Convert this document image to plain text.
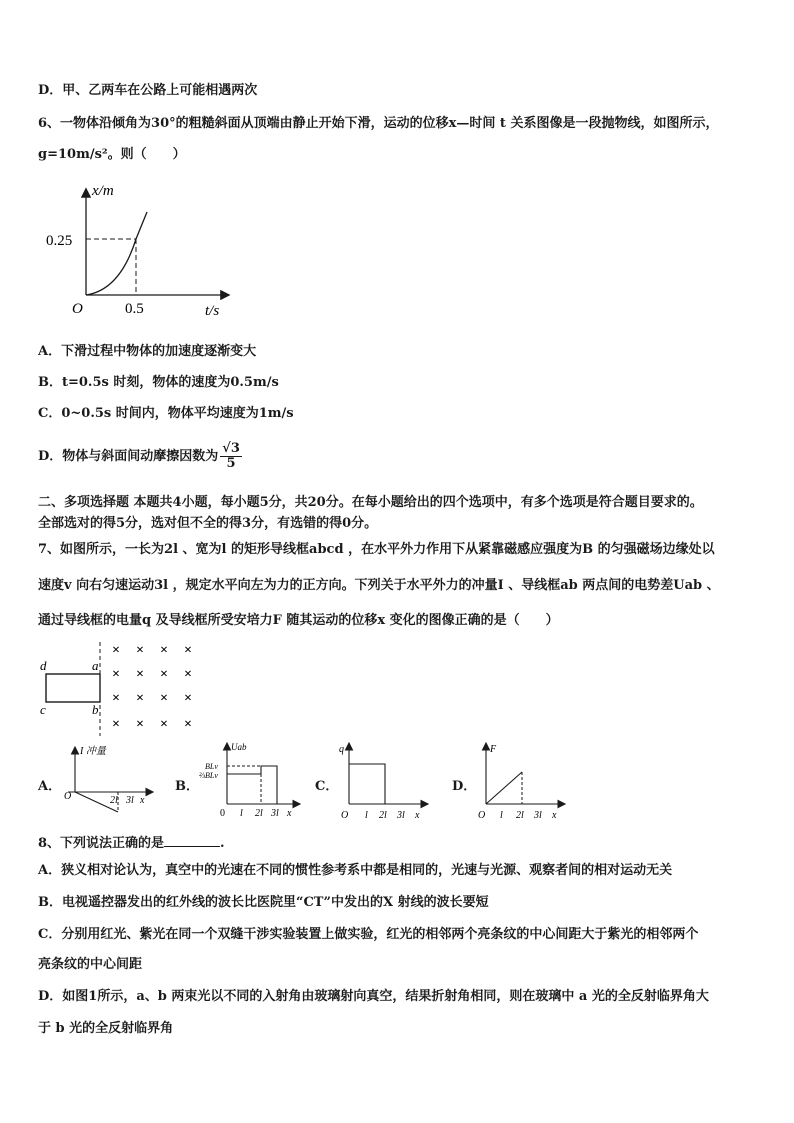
D．甲、乙两车在公路上可能相遇两次
6、一物体沿倾角为30°的粗糙斜面从顶端由静止开始下滑，运动的位移x—时间 t 关系图像是一段抛物线，如图所示，
g=10m/s²。则（　　）
x/m
0.25
O	0.5	t/s
A．下滑过程中物体的加速度逐渐变大
B．t=0.5s 时刻，物体的速度为0.5m/s
C．0~0.5s 时间内，物体平均速度为1m/s
D．物体与斜面间动摩擦因数为 $\frac{√3}{5}$
二、多项选择题 本题共4小题，每小题5分，共20分。在每小题给出的四个选项中，有多个选项是符合题目要求的。
全部选对的得5分，选对但不全的得3分，有选错的得0分。
7、如图所示，一长为2l 、宽为l 的矩形导线框abcd ，在水平外力作用下从紧靠磁感应强度为B 的匀强磁场边缘处以
速度v 向右匀速运动3l ，规定水平向左为力的正方向。下列关于水平外力的冲量I 、导线框ab 两点间的电势差Uab 、
通过导线框的电量q 及导线框所受安培力F 随其运动的位移x 变化的图像正确的是（　　）
d	a
c	b
× × × ×
× × × ×
× × × ×
× × × ×
A．
I 冲量
O	2l 3l x
B．
Uab
BLv
⅔BLv
0 l 2l 3l x
C．
q
O l 2l 3l x
D．
F
O l 2l 3l x
8、下列说法正确的是	.
A．狭义相对论认为，真空中的光速在不同的惯性参考系中都是相同的，光速与光源、观察者间的相对运动无关
B．电视遥控器发出的红外线的波长比医院里“CT”中发出的X 射线的波长要短
C．分别用红光、紫光在同一个双缝干涉实验装置上做实验，红光的相邻两个亮条纹的中心间距大于紫光的相邻两个
亮条纹的中心间距
D．如图1所示，a、b 两束光以不同的入射角由玻璃射向真空，结果折射角相同，则在玻璃中 a 光的全反射临界角大
于 b 光的全反射临界角
